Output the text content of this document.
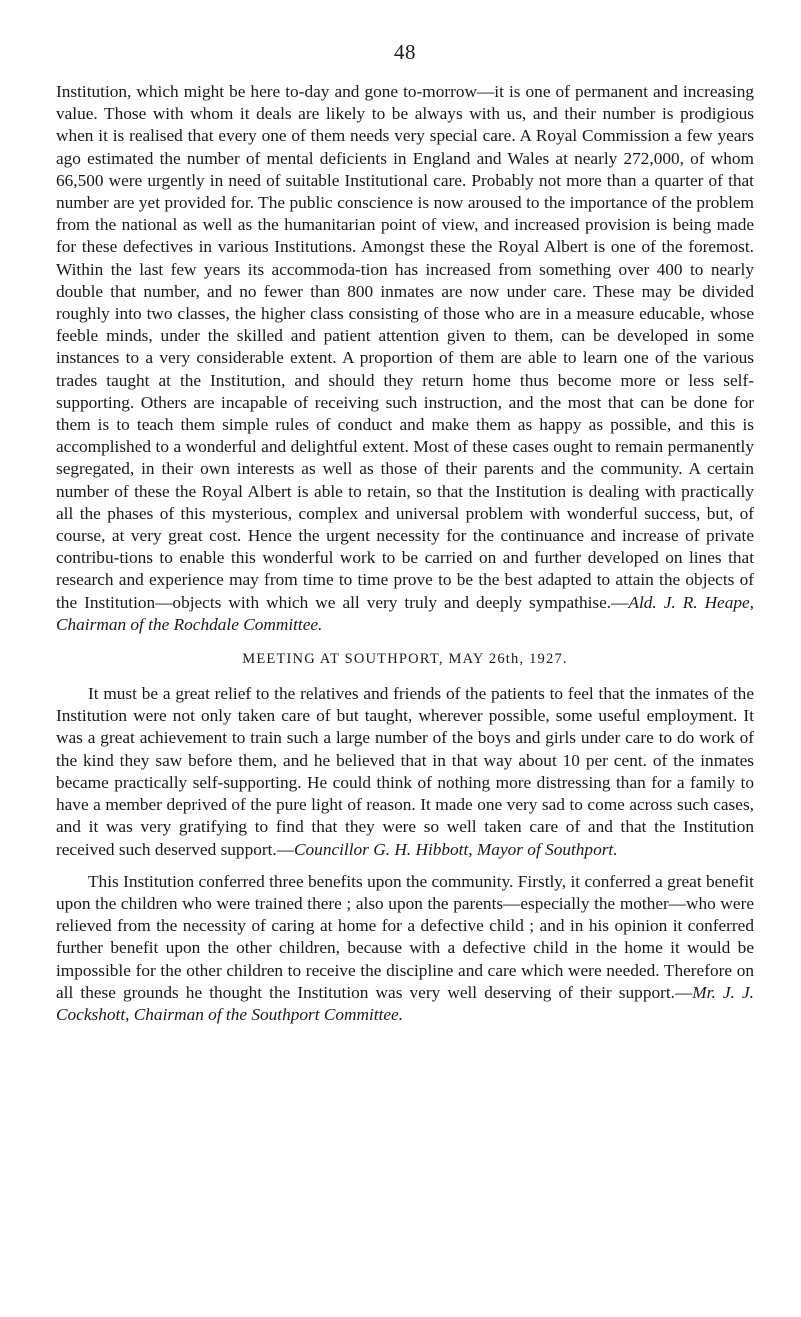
48

Institution, which might be here to-day and gone to-morrow—it is one of permanent and increasing value. Those with whom it deals are likely to be always with us, and their number is prodigious when it is realised that every one of them needs very special care. A Royal Commission a few years ago estimated the number of mental deficients in England and Wales at nearly 272,000, of whom 66,500 were urgently in need of suitable Institutional care. Probably not more than a quarter of that number are yet provided for. The public conscience is now aroused to the importance of the problem from the national as well as the humanitarian point of view, and increased provision is being made for these defectives in various Institutions. Amongst these the Royal Albert is one of the foremost. Within the last few years its accommoda-tion has increased from something over 400 to nearly double that number, and no fewer than 800 inmates are now under care. These may be divided roughly into two classes, the higher class consisting of those who are in a measure educable, whose feeble minds, under the skilled and patient attention given to them, can be developed in some instances to a very considerable extent. A proportion of them are able to learn one of the various trades taught at the Institution, and should they return home thus become more or less self-supporting. Others are incapable of receiving such instruction, and the most that can be done for them is to teach them simple rules of conduct and make them as happy as possible, and this is accomplished to a wonderful and delightful extent. Most of these cases ought to remain permanently segregated, in their own interests as well as those of their parents and the community. A certain number of these the Royal Albert is able to retain, so that the Institution is dealing with practically all the phases of this mysterious, complex and universal problem with wonderful success, but, of course, at very great cost. Hence the urgent necessity for the continuance and increase of private contribu-tions to enable this wonderful work to be carried on and further developed on lines that research and experience may from time to time prove to be the best adapted to attain the objects of the Institution—objects with which we all very truly and deeply sympathise.—Ald. J. R. Heape, Chairman of the Rochdale Committee.

MEETING AT SOUTHPORT, MAY 26th, 1927.

It must be a great relief to the relatives and friends of the patients to feel that the inmates of the Institution were not only taken care of but taught, wherever possible, some useful employment. It was a great achievement to train such a large number of the boys and girls under care to do work of the kind they saw before them, and he believed that in that way about 10 per cent. of the inmates became practically self-supporting. He could think of nothing more distressing than for a family to have a member deprived of the pure light of reason. It made one very sad to come across such cases, and it was very gratifying to find that they were so well taken care of and that the Institution received such deserved support.—Councillor G. H. Hibbott, Mayor of Southport.

This Institution conferred three benefits upon the community. Firstly, it conferred a great benefit upon the children who were trained there ; also upon the parents—especially the mother—who were relieved from the necessity of caring at home for a defective child ; and in his opinion it conferred further benefit upon the other children, because with a defective child in the home it would be impossible for the other children to receive the discipline and care which were needed. Therefore on all these grounds he thought the Institution was very well deserving of their support.—Mr. J. J. Cockshott, Chairman of the Southport Committee.
